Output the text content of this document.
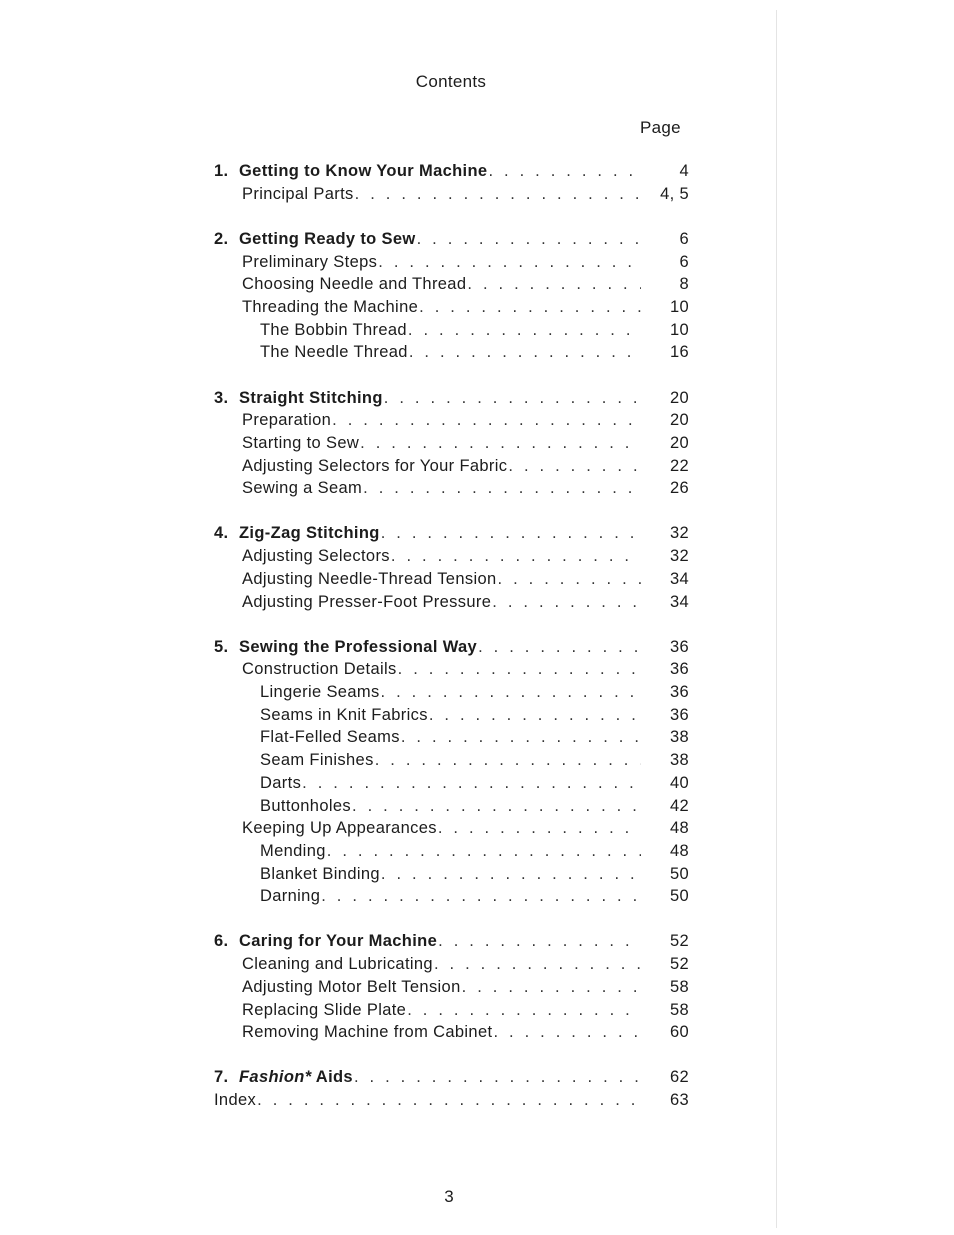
Contents
Page
1. Getting to Know Your Machine . . .	4
Principal Parts . . .	4, 5
2. Getting Ready to Sew . . .	6
Preliminary Steps . . .	6
Choosing Needle and Thread . . .	8
Threading the Machine . . .	10
The Bobbin Thread . . .	10
The Needle Thread . . .	16
3. Straight Stitching . . .	20
Preparation . . .	20
Starting to Sew . . .	20
Adjusting Selectors for Your Fabric . . .	22
Sewing a Seam . . .	26
4. Zig-Zag Stitching . . .	32
Adjusting Selectors . . .	32
Adjusting Needle-Thread Tension . . .	34
Adjusting Presser-Foot Pressure . . .	34
5. Sewing the Professional Way . . .	36
Construction Details . . .	36
Lingerie Seams . . .	36
Seams in Knit Fabrics . . .	36
Flat-Felled Seams . . .	38
Seam Finishes . . .	38
Darts . . .	40
Buttonholes . . .	42
Keeping Up Appearances . . .	48
Mending . . .	48
Blanket Binding . . .	50
Darning . . .	50
6. Caring for Your Machine . . .	52
Cleaning and Lubricating . . .	52
Adjusting Motor Belt Tension . . .	58
Replacing Slide Plate . . .	58
Removing Machine from Cabinet . . .	60
7. Fashion* Aids . . .	62
Index . . .	63
3
